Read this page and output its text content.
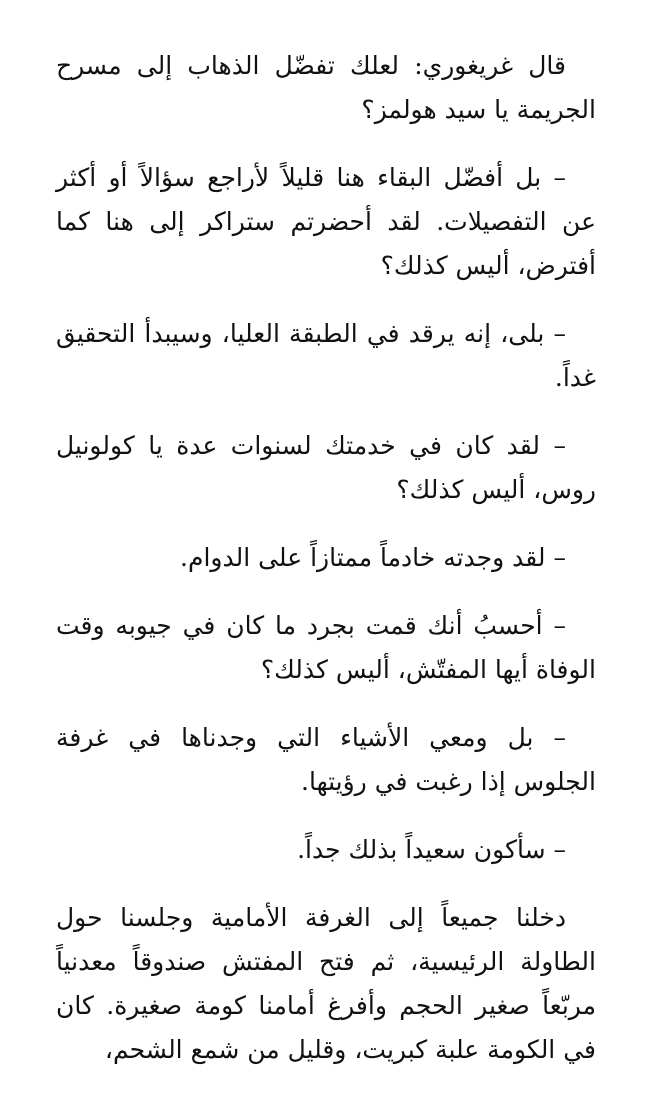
قال غريغوري: لعلك تفضّل الذهاب إلى مسرح الجريمة يا سيد هولمز؟

– بل أفضّل البقاء هنا قليلاً لأراجع سؤالاً أو أكثر عن التفصيلات. لقد أحضرتم ستراكر إلى هنا كما أفترض، أليس كذلك؟

– بلى، إنه يرقد في الطبقة العليا، وسيبدأ التحقيق غداً.

– لقد كان في خدمتك لسنوات عدة يا كولونيل روس، أليس كذلك؟

– لقد وجدته خادماً ممتازاً على الدوام.

– أحسبُ أنك قمت بجرد ما كان في جيوبه وقت الوفاة أيها المفتّش، أليس كذلك؟

– بل ومعي الأشياء التي وجدناها في غرفة الجلوس إذا رغبت في رؤيتها.

– سأكون سعيداً بذلك جداً.

دخلنا جميعاً إلى الغرفة الأمامية وجلسنا حول الطاولة الرئيسية، ثم فتح المفتش صندوقاً معدنياً مربّعاً صغير الحجم وأفرغ أمامنا كومة صغيرة. كان في الكومة علبة كبريت، وقليل من شمع الشحم،
